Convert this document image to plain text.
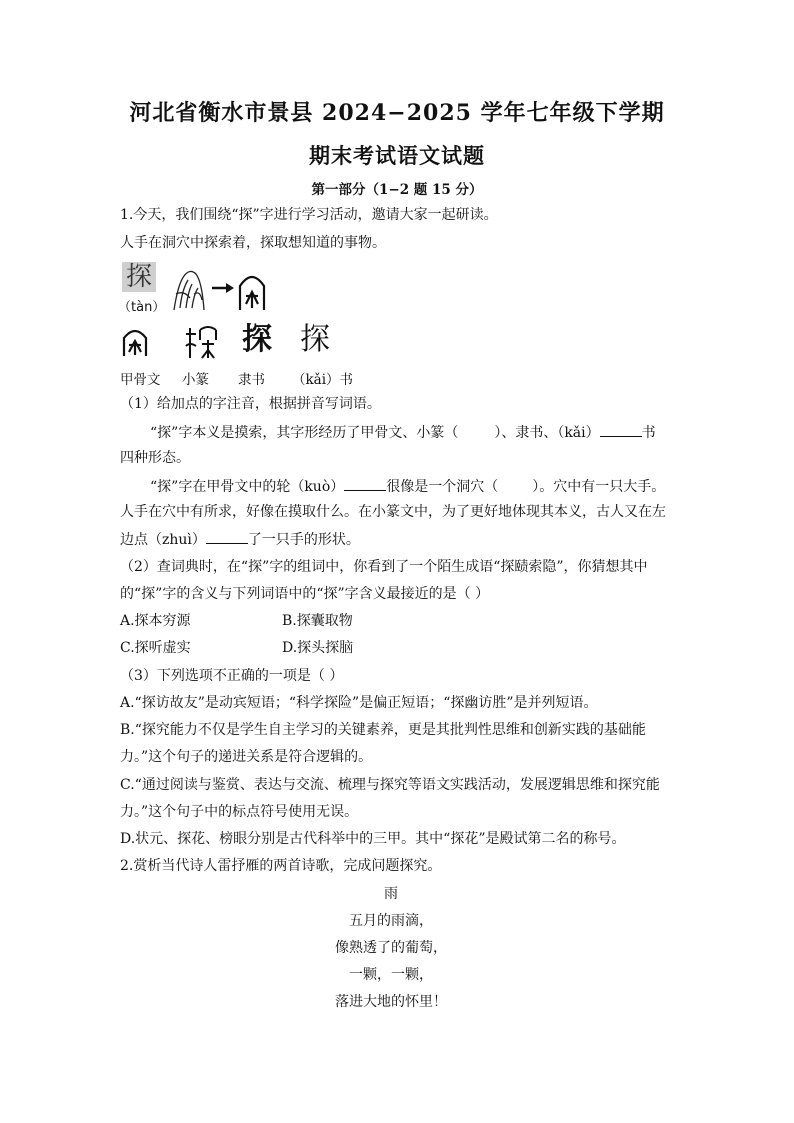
河北省衡水市景县 2024−2025 学年七年级下学期
期末考试语文试题
第一部分（1−2 题 15 分）
1.今天，我们围绕“探”字进行学习活动，邀请大家一起研读。
人手在洞穴中探索着，探取想知道的事物。
探
（tàn）
探 探
甲骨文 小篆 隶书 （kǎi）书
（1）给加点的字注音，根据拼音写词语。
“探”字本义是摸索，其字形经历了甲骨文、小篆（	）、隶书、（kǎi）	书
四种形态。
“探”字在甲骨文中的轮（kuò）	很像是一个洞穴（ ）。穴中有一只大手。
人手在穴中有所求，好像在摸取什么。在小篆文中，为了更好地体现其本义，古人又在左
边点（zhuì）	了一只手的形状。
（2）查词典时，在“探”字的组词中，你看到了一个陌生成语“探赜索隐”，你猜想其中
的“探”字的含义与下列词语中的“探”字含义最接近的是（ ）
A.探本穷源	B.探囊取物
C.探听虚实	D.探头探脑
（3）下列选项不正确的一项是（ ）
A.“探访故友”是动宾短语；“科学探险”是偏正短语；“探幽访胜”是并列短语。
B.“探究能力不仅是学生自主学习的关键素养，更是其批判性思维和创新实践的基础能
力。”这个句子的递进关系是符合逻辑的。
C.“通过阅读与鉴赏、表达与交流、梳理与探究等语文实践活动，发展逻辑思维和探究能
力。”这个句子中的标点符号使用无误。
D.状元、探花、榜眼分别是古代科举中的三甲。其中“探花”是殿试第二名的称号。
2.赏析当代诗人雷抒雁的两首诗歌，完成问题探究。
雨
五月的雨滴，
像熟透了的葡萄，
一颗，一颗，
落进大地的怀里！
